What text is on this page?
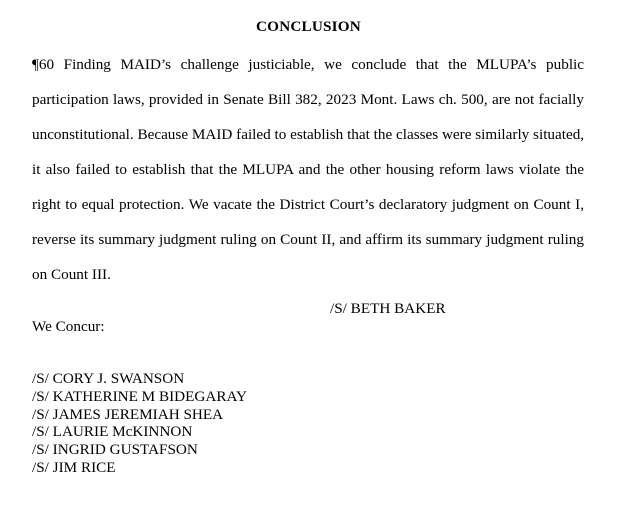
CONCLUSION
¶60 Finding MAID’s challenge justiciable, we conclude that the MLUPA’s public
participation laws, provided in Senate Bill 382, 2023 Mont. Laws ch. 500, are not facially
unconstitutional. Because MAID failed to establish that the classes were similarly situated,
it also failed to establish that the MLUPA and the other housing reform laws violate the
right to equal protection. We vacate the District Court’s declaratory judgment on Count I,
reverse its summary judgment ruling on Count II, and affirm its summary judgment ruling
on Count III.
/S/ BETH BAKER
We Concur:
/S/ CORY J. SWANSON
/S/ KATHERINE M BIDEGARAY
/S/ JAMES JEREMIAH SHEA
/S/ LAURIE McKINNON
/S/ INGRID GUSTAFSON
/S/ JIM RICE
